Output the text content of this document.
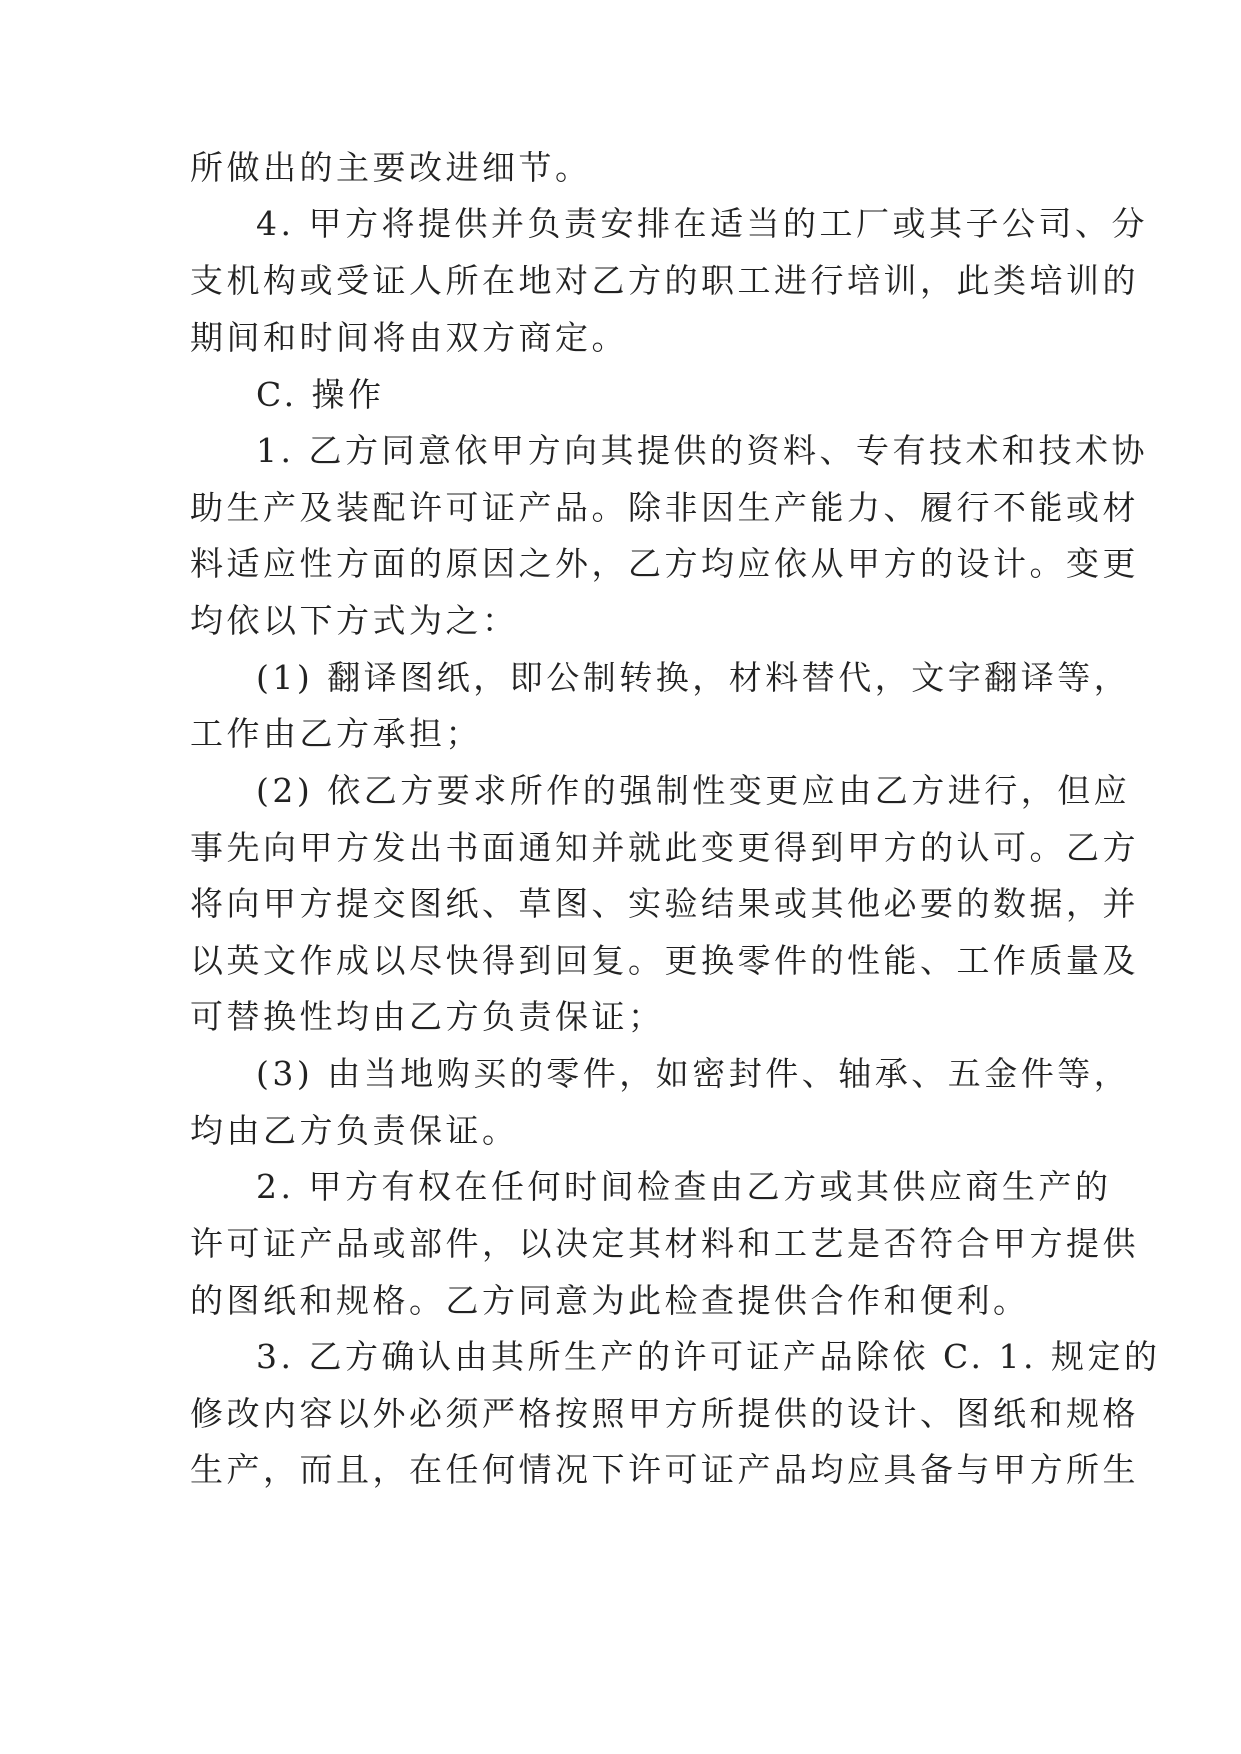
所做出的主要改进细节。
4. 甲方将提供并负责安排在适当的工厂或其子公司、分
支机构或受证人所在地对乙方的职工进行培训，此类培训的
期间和时间将由双方商定。
C. 操作
1. 乙方同意依甲方向其提供的资料、专有技术和技术协
助生产及装配许可证产品。除非因生产能力、履行不能或材
料适应性方面的原因之外，乙方均应依从甲方的设计。变更
均依以下方式为之：
(1) 翻译图纸，即公制转换，材料替代，文字翻译等，
工作由乙方承担；
(2) 依乙方要求所作的强制性变更应由乙方进行，但应
事先向甲方发出书面通知并就此变更得到甲方的认可。乙方
将向甲方提交图纸、草图、实验结果或其他必要的数据，并
以英文作成以尽快得到回复。更换零件的性能、工作质量及
可替换性均由乙方负责保证；
(3) 由当地购买的零件，如密封件、轴承、五金件等，
均由乙方负责保证。
2. 甲方有权在任何时间检查由乙方或其供应商生产的
许可证产品或部件，以决定其材料和工艺是否符合甲方提供
的图纸和规格。乙方同意为此检查提供合作和便利。
3. 乙方确认由其所生产的许可证产品除依 C. 1. 规定的
修改内容以外必须严格按照甲方所提供的设计、图纸和规格
生产，而且，在任何情况下许可证产品均应具备与甲方所生
